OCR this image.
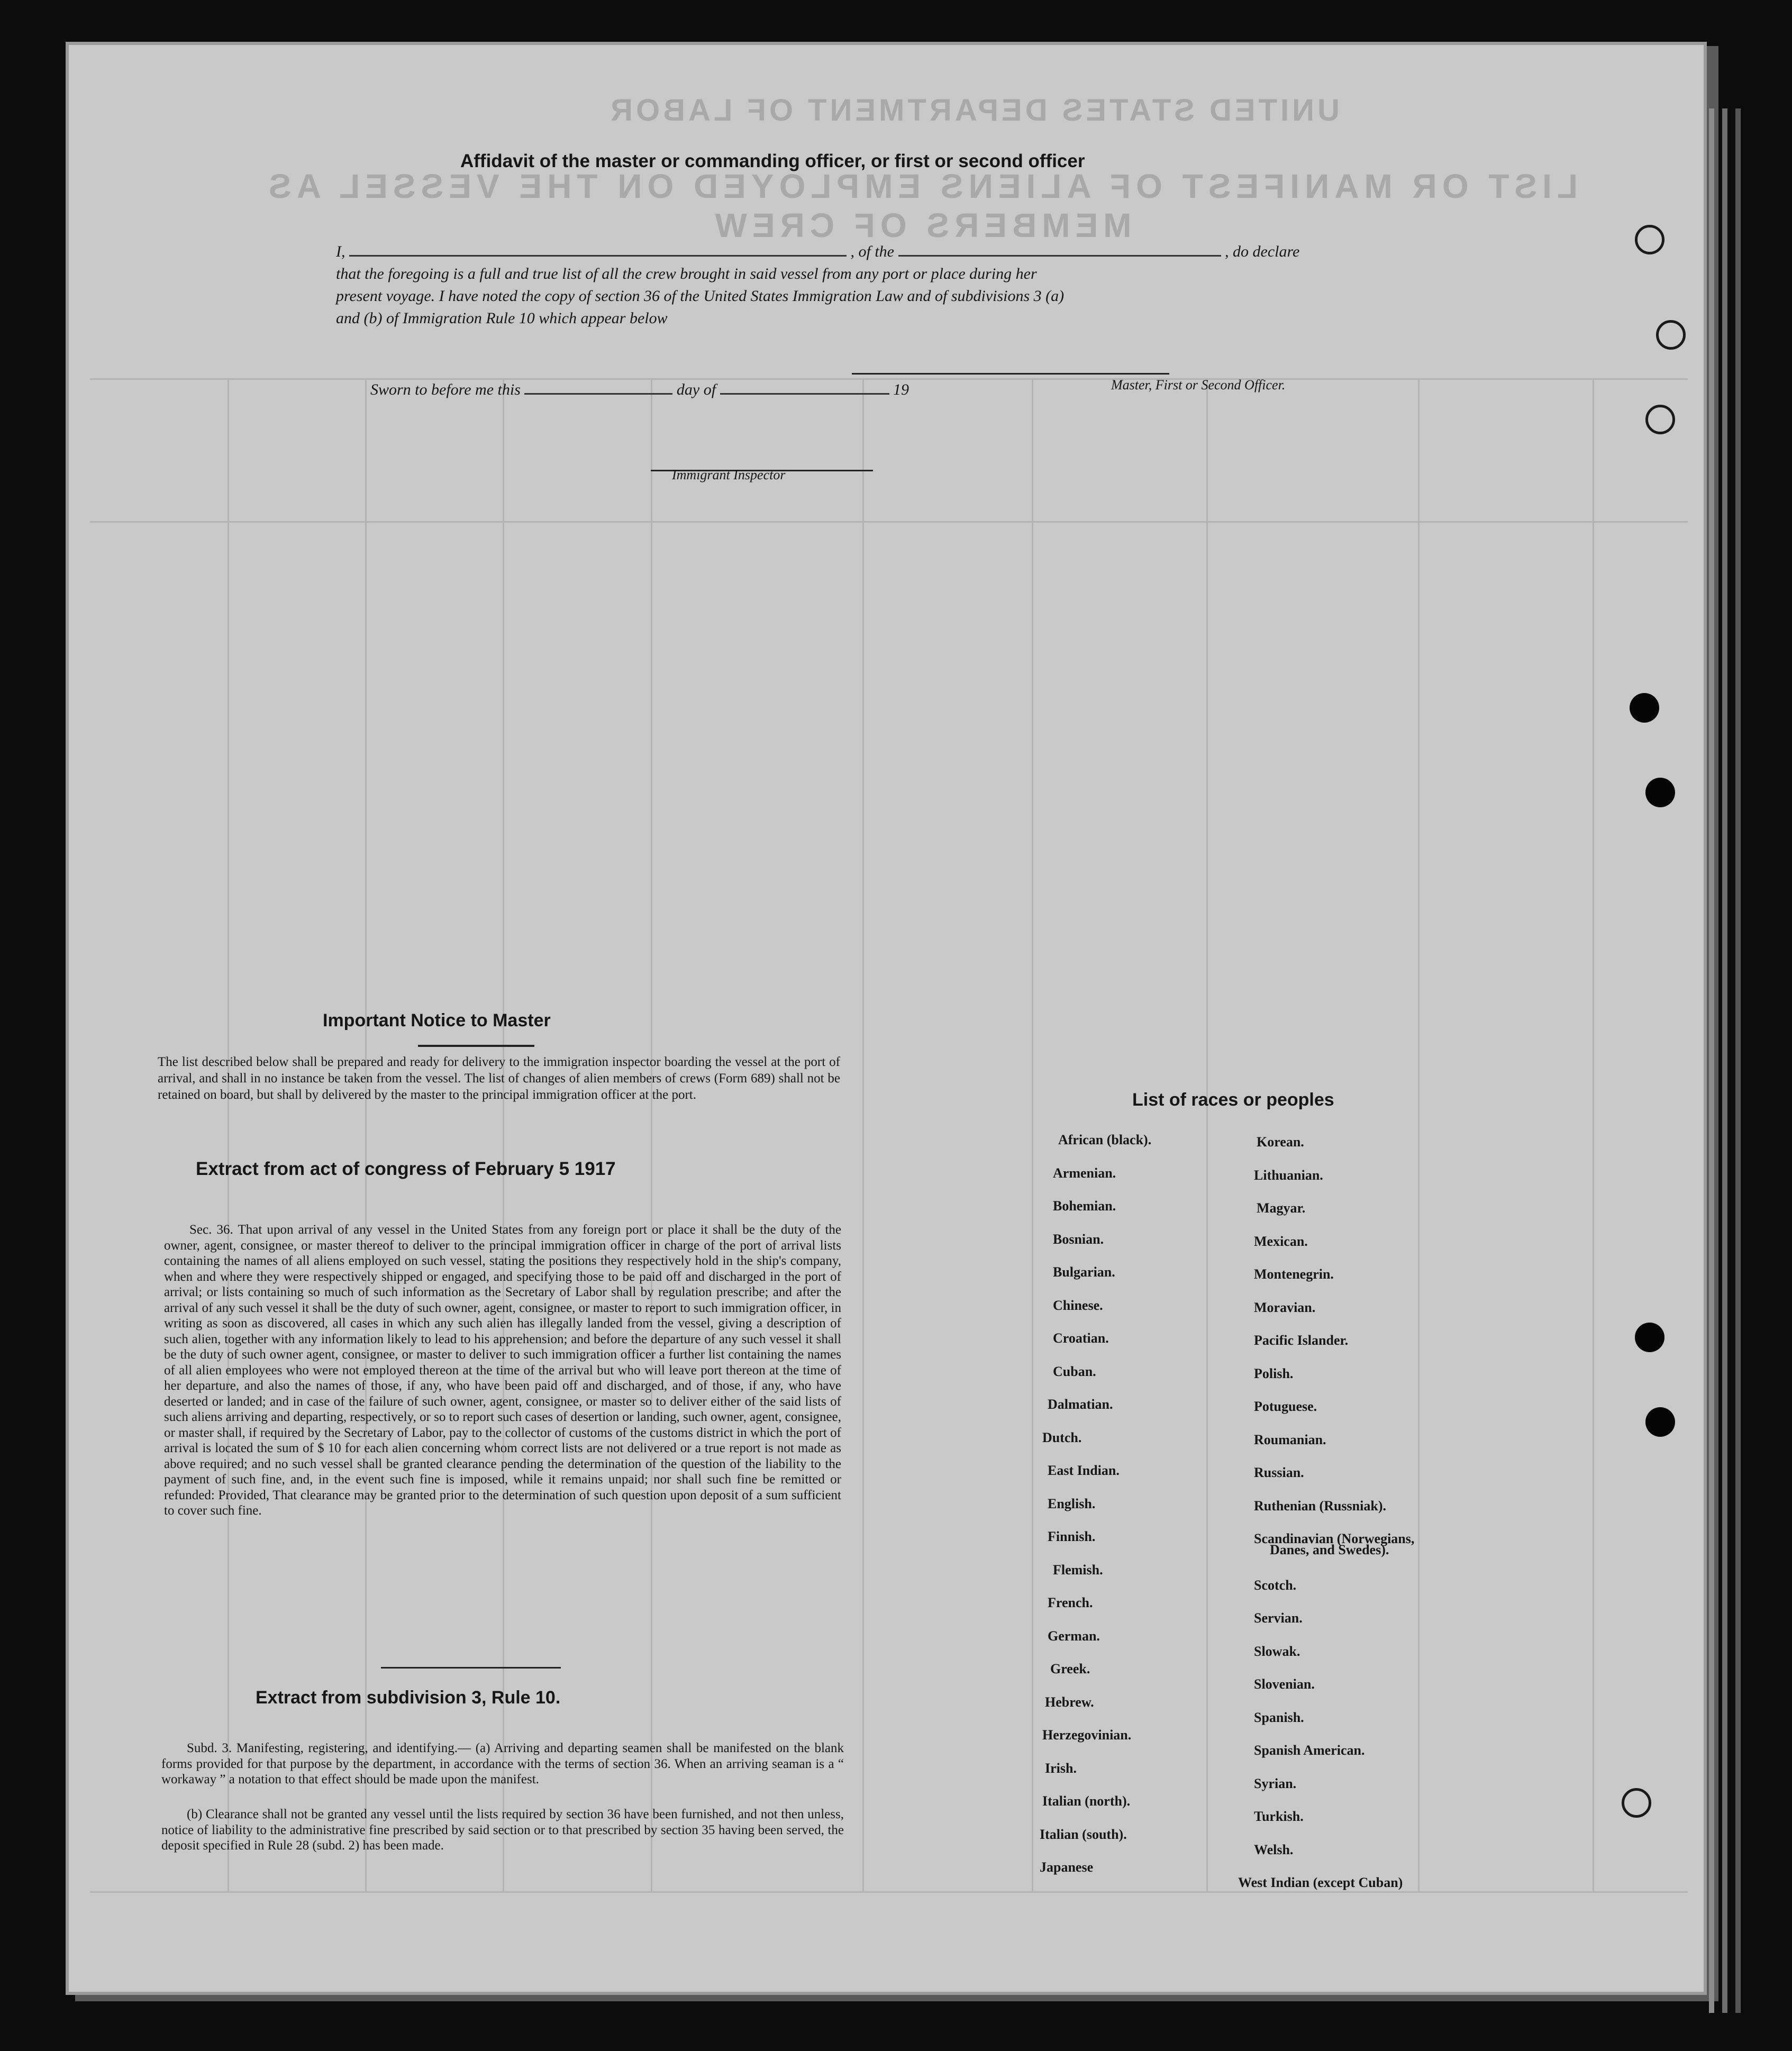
LIST OR MANIFEST OF ALIENS EMPLOYED ON THE VESSEL AS MEMBERS OF CREW
UNITED STATES DEPARTMENT OF LABOR
Affidavit of the master or commanding officer, or first or second officer
I,	, of the	, do declare
that the foregoing is a full and true list of all the crew brought in said vessel from any port or place during her
present voyage. I have noted the copy of section 36 of the United States Immigration Law and of subdivisions 3 (a)
and (b) of Immigration Rule 10 which appear below
Master, First or Second Officer.
Sworn to before me this	day of	19
Immigrant Inspector
Important Notice to Master
The list described below shall be prepared and ready for delivery to the immigration inspector boarding the vessel at the port of arrival, and shall in no instance be taken from the vessel. The list of changes of alien members of crews (Form 689) shall not be retained on board, but shall by delivered by the master to the principal immigration officer at the port.
Extract from act of congress of February 5 1917
Sec. 36. That upon arrival of any vessel in the United States from any foreign port or place it shall be the duty of the owner, agent, consignee, or master thereof to deliver to the principal immigration officer in charge of the port of arrival lists containing the names of all aliens employed on such vessel, stating the positions they respectively hold in the ship's company, when and where they were respectively shipped or engaged, and specifying those to be paid off and discharged in the port of arrival; or lists containing so much of such information as the Secretary of Labor shall by regulation prescribe; and after the arrival of any such vessel it shall be the duty of such owner, agent, consignee, or master to report to such immigration officer, in writing as soon as discovered, all cases in which any such alien has illegally landed from the vessel, giving a description of such alien, together with any information likely to lead to his apprehension; and before the departure of any such vessel it shall be the duty of such owner agent, consignee, or master to deliver to such immigration officer a further list containing the names of all alien employees who were not employed thereon at the time of the arrival but who will leave port thereon at the time of her departure, and also the names of those, if any, who have been paid off and discharged, and of those, if any, who have deserted or landed; and in case of the failure of such owner, agent, consignee, or master so to deliver either of the said lists of such aliens arriving and departing, respectively, or so to report such cases of desertion or landing, such owner, agent, consignee, or master shall, if required by the Secretary of Labor, pay to the collector of customs of the customs district in which the port of arrival is located the sum of $ 10 for each alien concerning whom correct lists are not delivered or a true report is not made as above required; and no such vessel shall be granted clearance pending the determination of the question of the liability to the payment of such fine, and, in the event such fine is imposed, while it remains unpaid; nor shall such fine be remitted or refunded: Provided, That clearance may be granted prior to the determination of such question upon deposit of a sum sufficient to cover such fine.
Extract from subdivision 3, Rule 10.
Subd. 3. Manifesting, registering, and identifying.— (a) Arriving and departing seamen shall be manifested on the blank forms provided for that purpose by the department, in accordance with the terms of section 36. When an arriving seaman is a “ workaway ” a notation to that effect should be made upon the manifest.
(b) Clearance shall not be granted any vessel until the lists required by section 36 have been furnished, and not then unless, notice of liability to the administrative fine prescribed by said section or to that prescribed by section 35 having been served, the deposit specified in Rule 28 (subd. 2) has been made.
List of races or peoples
African (black).
Armenian.
Bohemian.
Bosnian.
Bulgarian.
Chinese.
Croatian.
Cuban.
Dalmatian.
Dutch.
East Indian.
English.
Finnish.
Flemish.
French.
German.
Greek.
Hebrew.
Herzegovinian.
Irish.
Italian (north).
Italian (south).
Japanese
Korean.
Lithuanian.
Magyar.
Mexican.
Montenegrin.
Moravian.
Pacific Islander.
Polish.
Potuguese.
Roumanian.
Russian.
Ruthenian (Russniak).
Scandinavian (Norwegians,
Scotch.
Servian.
Slowak.
Slovenian.
Spanish.
Spanish American.
Syrian.
Turkish.
Welsh.
West Indian (except Cuban)
Danes, and Swedes).
